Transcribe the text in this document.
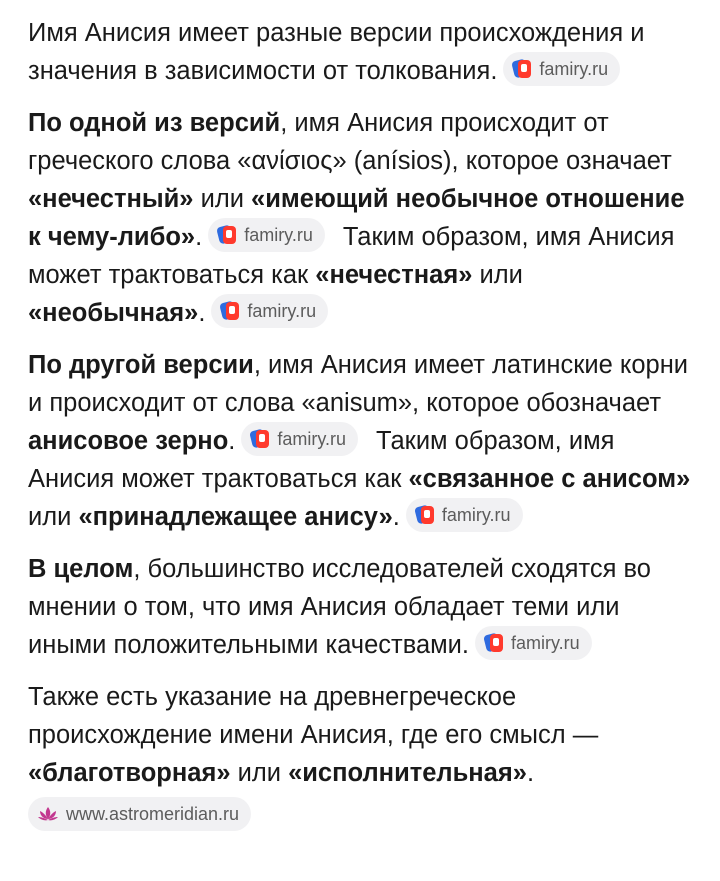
Имя Анисия имеет разные версии происхождения и значения в зависимости от толкования. famiry.ru

По одной из версий, имя Анисия происходит от греческого слова «ανίσιος» (anísios), которое означает «нечестный» или «имеющий необычное отношение к чему-либо». famiry.ru Таким образом, имя Анисия может трактоваться как «нечестная» или «необычная». famiry.ru

По другой версии, имя Анисия имеет латинские корни и происходит от слова «anisum», которое обозначает анисовое зерно. famiry.ru Таким образом, имя Анисия может трактоваться как «связанное с анисом» или «принадлежащее анису». famiry.ru

В целом, большинство исследователей сходятся во мнении о том, что имя Анисия обладает теми или иными положительными качествами. famiry.ru

Также есть указание на древнегреческое происхождение имени Анисия, где его смысл — «благотворная» или «исполнительная».

www.astromeridian.ru
